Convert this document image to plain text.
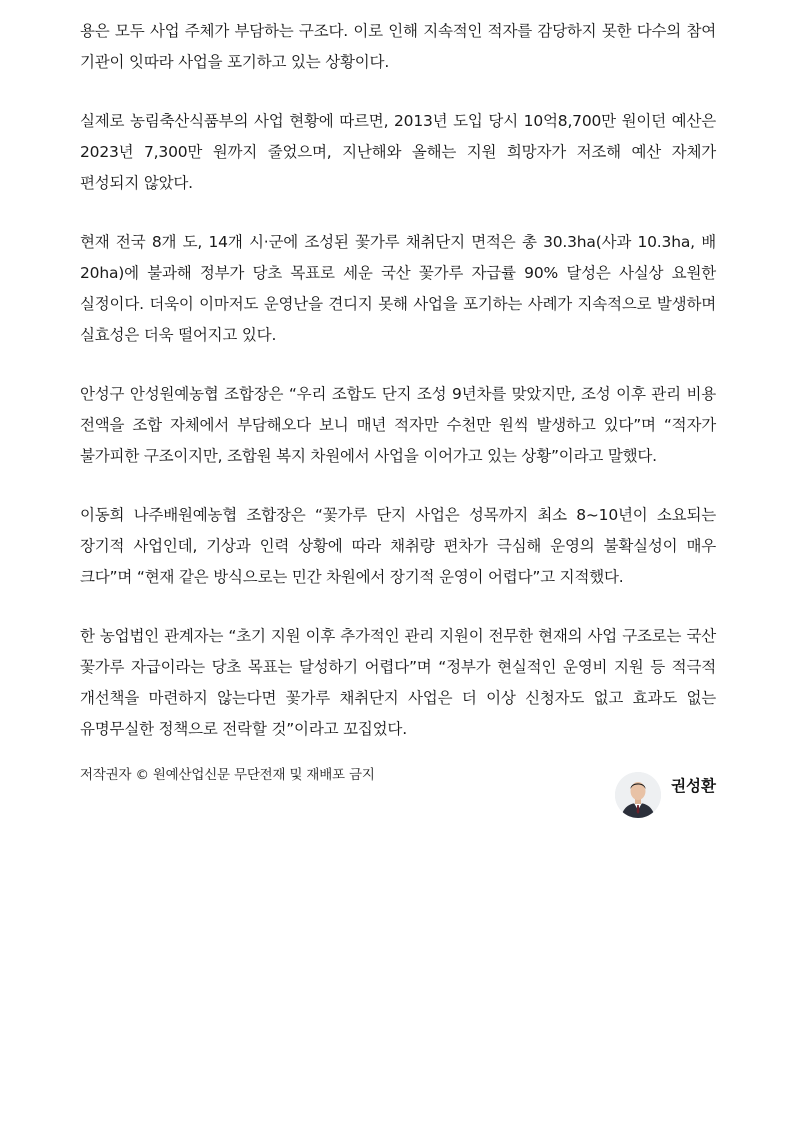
용은 모두 사업 주체가 부담하는 구조다. 이로 인해 지속적인 적자를 감당하지 못한 다수의 참여 기관이 잇따라 사업을 포기하고 있는 상황이다.

실제로 농림축산식품부의 사업 현황에 따르면, 2013년 도입 당시 10억8,700만 원이던 예산은 2023년 7,300만 원까지 줄었으며, 지난해와 올해는 지원 희망자가 저조해 예산 자체가 편성되지 않았다.

현재 전국 8개 도, 14개 시·군에 조성된 꽃가루 채취단지 면적은 총 30.3ha(사과 10.3ha, 배 20ha)에 불과해 정부가 당초 목표로 세운 국산 꽃가루 자급률 90% 달성은 사실상 요원한 실정이다. 더욱이 이마저도 운영난을 견디지 못해 사업을 포기하는 사례가 지속적으로 발생하며 실효성은 더욱 떨어지고 있다.

안성구 안성원예농협 조합장은 “우리 조합도 단지 조성 9년차를 맞았지만, 조성 이후 관리 비용 전액을 조합 자체에서 부담해오다 보니 매년 적자만 수천만 원씩 발생하고 있다”며 “적자가 불가피한 구조이지만, 조합원 복지 차원에서 사업을 이어가고 있는 상황”이라고 말했다.

이동희 나주배원예농협 조합장은 “꽃가루 단지 사업은 성목까지 최소 8~10년이 소요되는 장기적 사업인데, 기상과 인력 상황에 따라 채취량 편차가 극심해 운영의 불확실성이 매우 크다”며 “현재 같은 방식으로는 민간 차원에서 장기적 운영이 어렵다”고 지적했다.

한 농업법인 관계자는 “초기 지원 이후 추가적인 관리 지원이 전무한 현재의 사업 구조로는 국산 꽃가루 자급이라는 당초 목표는 달성하기 어렵다”며 “정부가 현실적인 운영비 지원 등 적극적 개선책을 마련하지 않는다면 꽃가루 채취단지 사업은 더 이상 신청자도 없고 효과도 없는 유명무실한 정책으로 전락할 것”이라고 꼬집었다.

저작권자 © 원예산업신문 무단전재 및 재배포 금지
권성환
